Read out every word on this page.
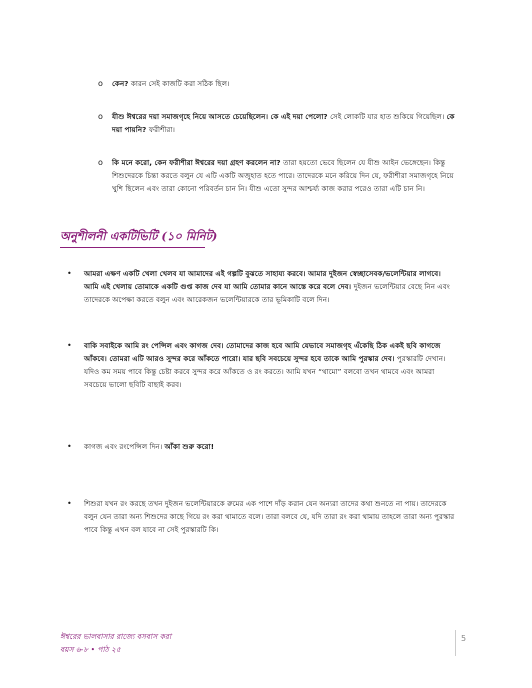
o কেন? কারন সেই কাজটি করা সঠিক ছিল।
o যীশু ঈশ্বরের দয়া সমাজগৃহে নিয়ে আসতে চেয়েছিলেন। কে এই দয়া পেলো? সেই লোকটি যার হাত শুকিয়ে গিয়েছিল। কে দয়া পায়নি? ফরীশীরা।
o কি মনে করো, কেন ফরীশীরা ঈশ্বরের দয়া গ্রহণ করলেন না? তারা হয়তো ভেবে ছিলেন যে যীশু আইন ভেঙ্গেছেন। কিন্তু শিশুদেরকে চিন্তা করতে বলুন যে এটি একটি অজুহাত হতে পারে। তাদেরকে মনে করিয়ে দিন যে, ফরীশীরা সমাজগৃহে নিয়ে খুশি ছিলেন এবং তারা কোনো পরিবর্তন চান নি। যীশু এতো সুন্দর আশ্চর্য্য কাজ করার পরেও তারা এটি চান নি।
অনুশীলনী একটিভিটি (১০ মিনিট)
• আমরা এক্ষণ একটি খেলা খেলব যা আমাদের এই গল্পটি বুঝতে সাহায্য করবে। আমার দুইজন স্বেচ্ছাসেবক/ভলেন্টিয়ার লাগবে। আমি এই খেলায় তোমাকে একটি গুপ্ত কাজ দেব যা আমি তোমার কানে আস্তে করে বলে দেব। দুইজন ভলেন্টিয়ার বেছে নিন এবং তাদেরকে অপেক্ষা করতে বলুন এবং আরেকজন ভলেন্টিয়ারকে তার ভূমিকাটি বলে দিন।
• বাকি সবাইকে আমি রং পেন্সিল এবং কাগজ দেব। তোমাদের কাজ হবে আমি যেভাবে সমাজগৃহ এঁকেছি ঠিক একই ছবি কাগজে আঁকবে। তোমরা এটি আরও সুন্দর করে আঁকতে পারো। যার ছবি সবচেয়ে সুন্দর হবে তাকে আমি পুরস্কার দেব। পুরস্কারটি দেখান। যদিও কম সময় পাবে কিন্তু চেষ্টা করবে সুন্দর করে আঁকতে ও রং করতে। আমি যখন “থামো” বলবো তখন থামবে এবং আমরা সবচেয়ে ভালো ছবিটি বাছাই করব।
• কাগজ এবং রংপেন্সিল দিন। আঁকা শুরু করো!
• শিশুরা যখন রং করছে তখন দুইজন ভলেন্টিয়ারকে রুমের এক পাশে দাঁড় করান যেন অন্যরা তাদের কথা শুনতে না পায়। তাদেরকে বলুন যেন তারা অন্য শিশুদের কাছে গিয়ে রং করা থামাতে বলে। তারা বলবে যে, যদি তারা রং করা থামায় তাহলে তারা অন্য পুরস্কার পাবে কিন্তু এখন বল যাবে না সেই পুরস্কারটি কি।
ঈশ্বরের ভালবাসার রাজ্যে বসবাস করা
বয়স ৬-৮ • পাঠ ২৫
5
